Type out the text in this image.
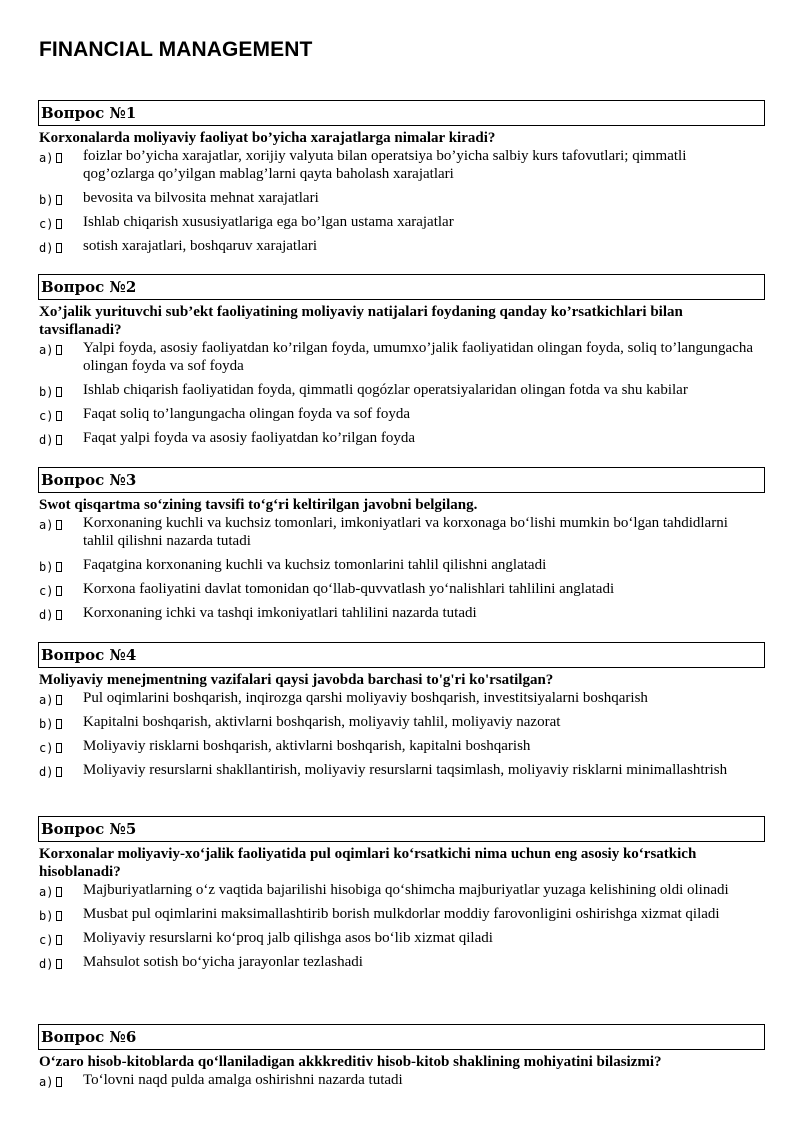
FINANCIAL MANAGEMENT
Вопрос №1
Korxonalarda moliyaviy faoliyat bo’yicha xarajatlarga nimalar kiradi?
a)	foizlar bo’yicha xarajatlar, xorijiy valyuta bilan operatsiya bo’yicha salbiy kurs tafovutlari; qimmatli qog’ozlarga qo’yilgan mablag’larni qayta baholash xarajatlari
b)	bevosita va bilvosita mehnat xarajatlari
c)	Ishlab chiqarish xususiyatlariga ega bo’lgan ustama xarajatlar
d)	sotish xarajatlari, boshqaruv xarajatlari
Вопрос №2
Xo’jalik yurituvchi sub’ekt faoliyatining moliyaviy natijalari foydaning qanday ko’rsatkichlari bilan tavsiflanadi?
a)	Yalpi foyda, asosiy faoliyatdan ko’rilgan foyda, umumxo’jalik faoliyatidan olingan foyda, soliq to’langungacha olingan foyda va sof foyda
b)	Ishlab chiqarish faoliyatidan foyda, qimmatli qogózlar operatsiyalaridan olingan fotda va shu kabilar
c)	Faqat soliq to’langungacha olingan foyda va sof foyda
d)	Faqat yalpi foyda va asosiy faoliyatdan ko’rilgan foyda
Вопрос №3
Swot qisqartma so‘zining tavsifi to‘g‘ri keltirilgan javobni belgilang.
a)	Korxonaning kuchli va kuchsiz tomonlari, imkoniyatlari va korxonaga bo‘lishi mumkin bo‘lgan tahdidlarni tahlil qilishni nazarda tutadi
b)	Faqatgina korxonaning kuchli va kuchsiz tomonlarini tahlil qilishni anglatadi
c)	Korxona faoliyatini davlat tomonidan qo‘llab-quvvatlash yo‘nalishlari tahlilini anglatadi
d)	Korxonaning ichki va tashqi imkoniyatlari tahlilini nazarda tutadi
Вопрос №4
Moliyaviy menejmentning vazifalari qaysi javobda barchasi to'g'ri ko'rsatilgan?
a)	Pul oqimlarini boshqarish, inqirozga qarshi moliyaviy boshqarish, investitsiyalarni boshqarish
b)	Kapitalni boshqarish, aktivlarni boshqarish, moliyaviy tahlil, moliyaviy nazorat
c)	Moliyaviy risklarni boshqarish, aktivlarni boshqarish, kapitalni boshqarish
d)	Moliyaviy resurslarni shakllantirish, moliyaviy resurslarni taqsimlash, moliyaviy risklarni minimallashtrish
Вопрос №5
Korxonalar moliyaviy-xo‘jalik faoliyatida pul oqimlari ko‘rsatkichi nima uchun eng asosiy ko‘rsatkich hisoblanadi?
a)	Majburiyatlarning o‘z vaqtida bajarilishi hisobiga qo‘shimcha majburiyatlar yuzaga kelishining oldi olinadi
b)	Musbat pul oqimlarini maksimallashtirib borish mulkdorlar moddiy farovonligini oshirishga xizmat qiladi
c)	Moliyaviy resurslarni ko‘proq jalb qilishga asos bo‘lib xizmat qiladi
d)	Mahsulot sotish bo‘yicha jarayonlar tezlashadi
Вопрос №6
O‘zaro hisob-kitoblarda qo‘llaniladigan akkkreditiv hisob-kitob shaklining mohiyatini bilasizmi?
a)	To‘lovni naqd pulda amalga oshirishni nazarda tutadi
